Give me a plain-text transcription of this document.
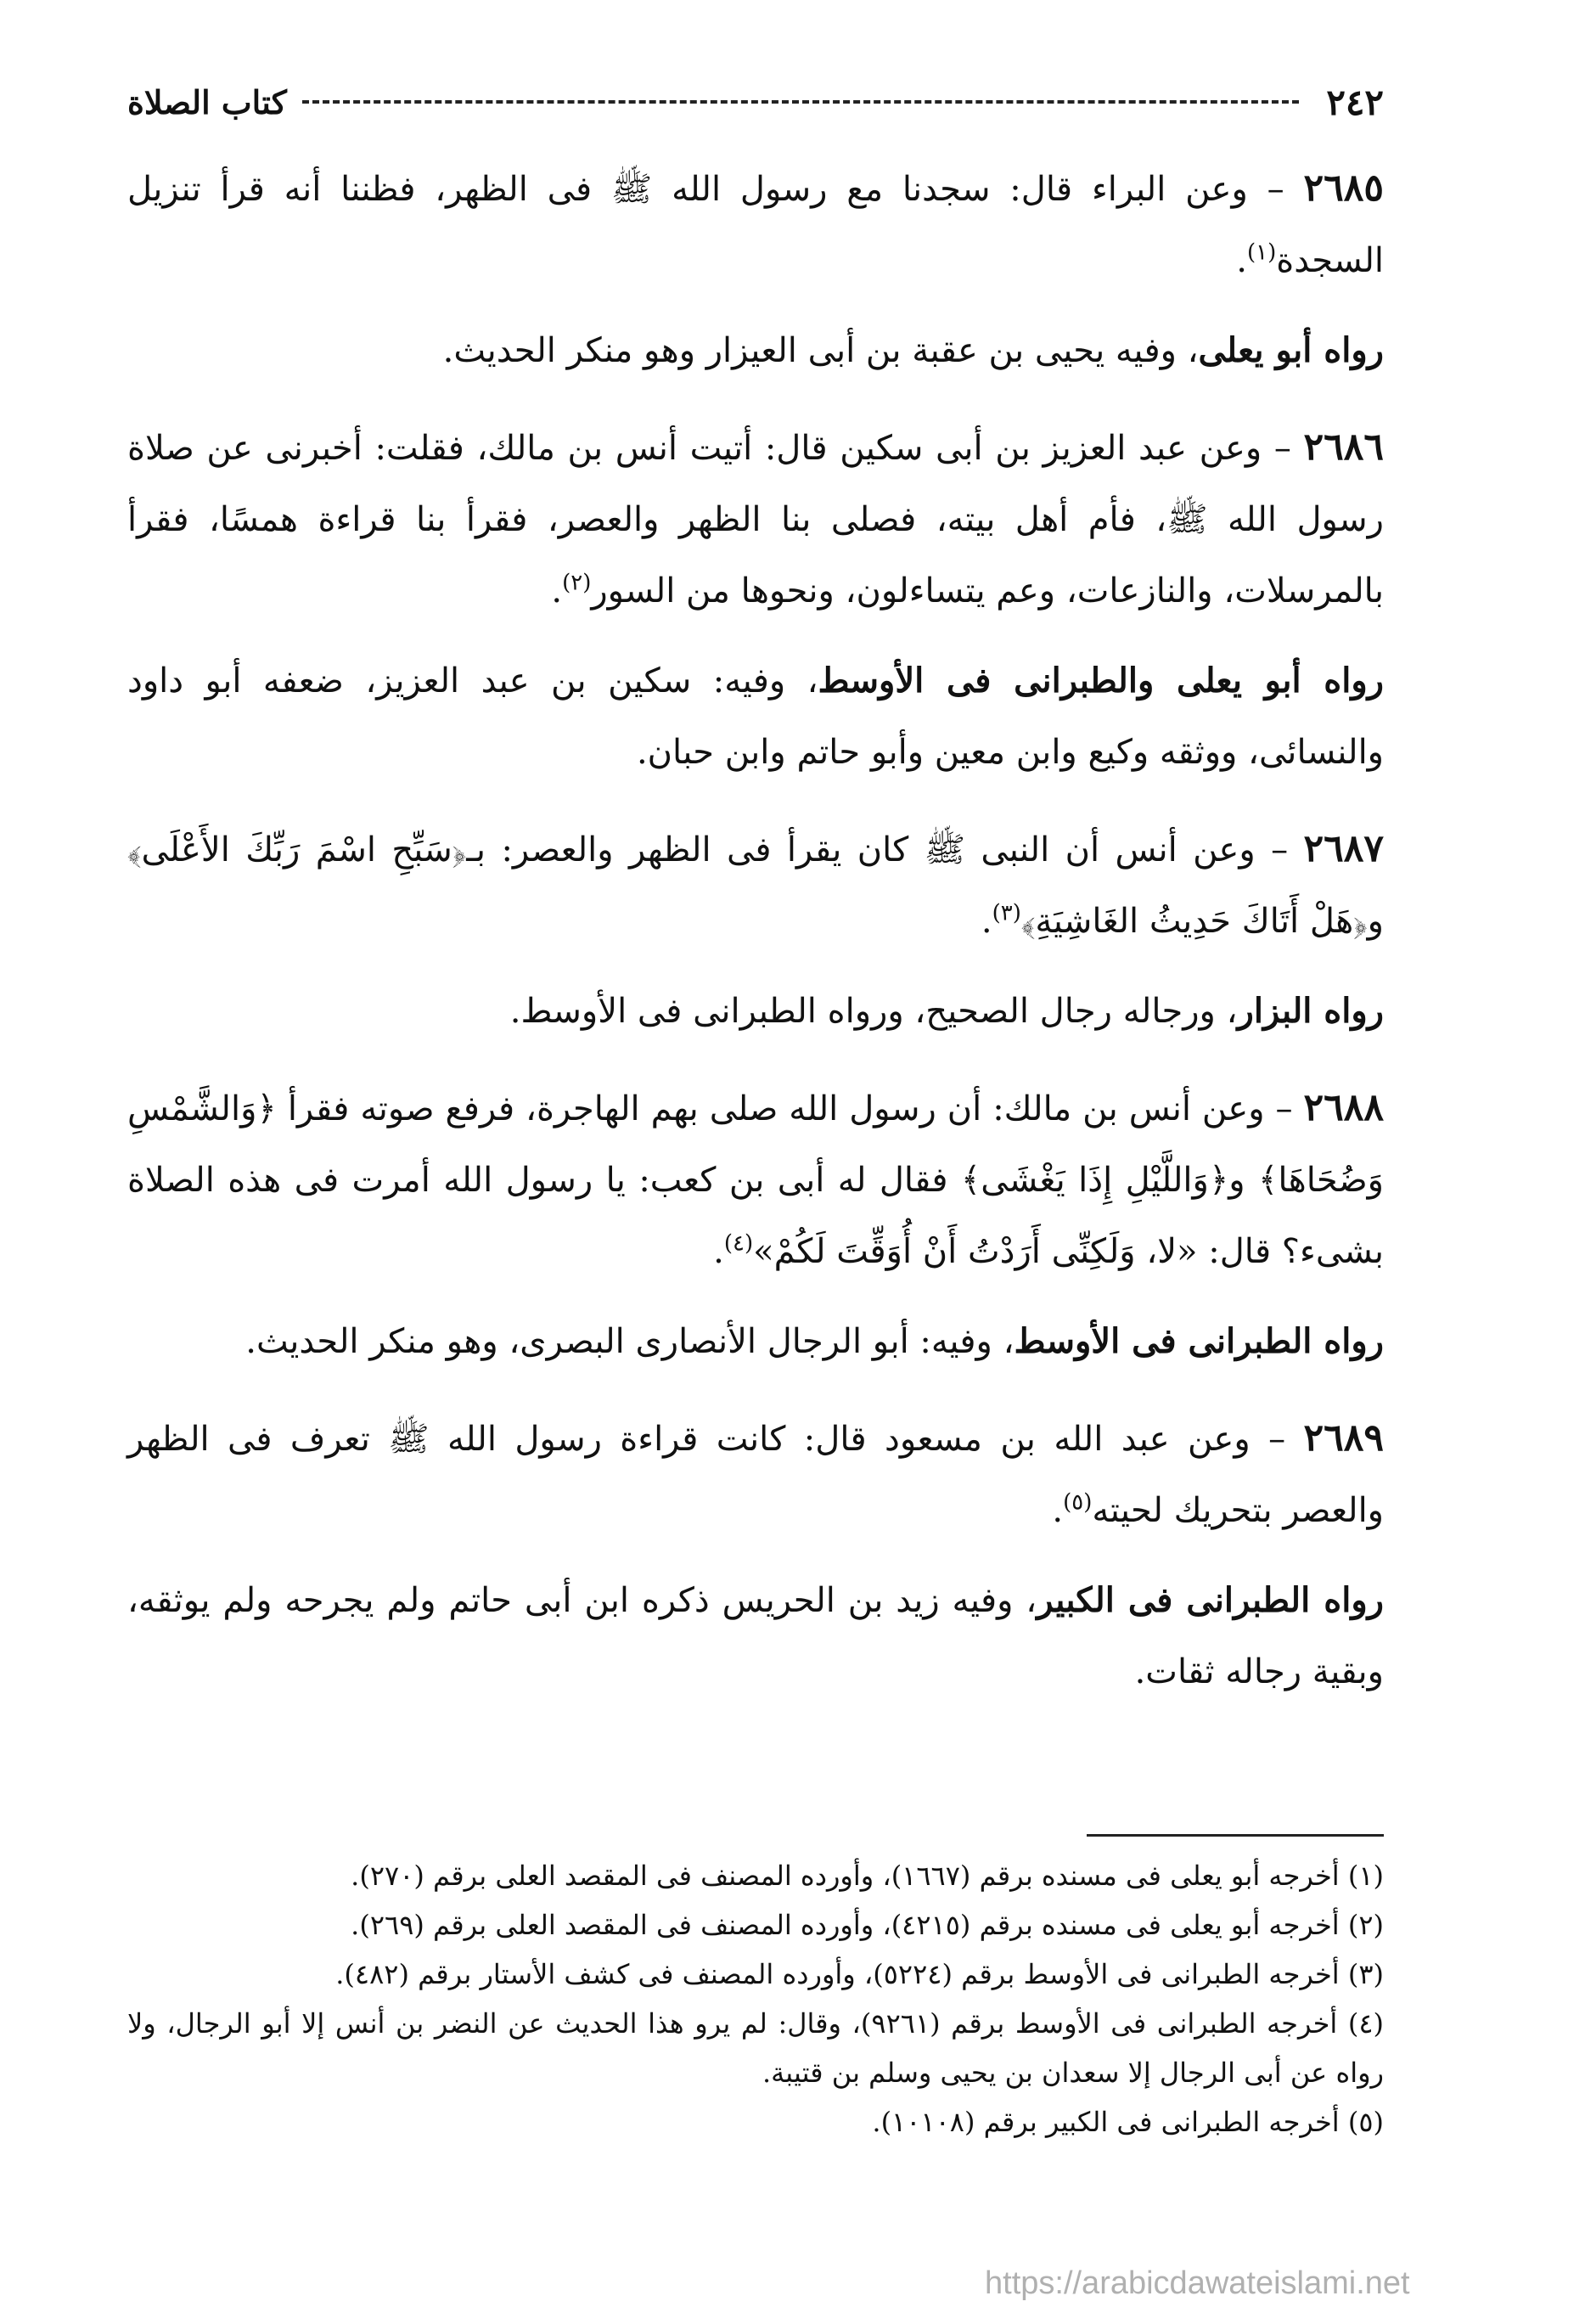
٢٤٢
كتاب الصلاة

٢٦٨٥ – وعن البراء قال: سجدنا مع رسول الله ﷺ فى الظهر، فظننا أنه قرأ تنزيل السجدة$^{(١)}$.

رواه أبو يعلى، وفيه يحيى بن عقبة بن أبى العيزار وهو منكر الحديث.

٢٦٨٦ – وعن عبد العزيز بن أبى سكين قال: أتيت أنس بن مالك، فقلت: أخبرنى عن صلاة رسول الله ﷺ، فأم أهل بيته، فصلى بنا الظهر والعصر، فقرأ بنا قراءة همسًا، فقرأ بالمرسلات، والنازعات، وعم يتساءلون، ونحوها من السور$^{(٢)}$.

رواه أبو يعلى والطبرانى فى الأوسط، وفيه: سكين بن عبد العزيز، ضعفه أبو داود والنسائى، ووثقه وكيع وابن معين وأبو حاتم وابن حبان.

٢٦٨٧ – وعن أنس أن النبى ﷺ كان يقرأ فى الظهر والعصر: بـ﴿سَبِّحِ اسْمَ رَبِّكَ الأَعْلَى﴾ و﴿هَلْ أَتَاكَ حَدِيثُ الغَاشِيَةِ﴾$^{(٣)}$.

رواه البزار، ورجاله رجال الصحيح، ورواه الطبرانى فى الأوسط.

٢٦٨٨ – وعن أنس بن مالك: أن رسول الله صلى بهم الهاجرة، فرفع صوته فقرأ ﴿وَالشَّمْسِ وَضُحَاهَا﴾ و﴿وَاللَّيْلِ إِذَا يَغْشَى﴾ فقال له أبى بن كعب: يا رسول الله أمرت فى هذه الصلاة بشىء؟ قال: «لا، وَلَكِنِّى أَرَدْتُ أَنْ أُوَقِّتَ لَكُمْ»$^{(٤)}$.

رواه الطبرانى فى الأوسط، وفيه: أبو الرجال الأنصارى البصرى، وهو منكر الحديث.

٢٦٨٩ – وعن عبد الله بن مسعود قال: كانت قراءة رسول الله ﷺ تعرف فى الظهر والعصر بتحريك لحيته$^{(٥)}$.

رواه الطبرانى فى الكبير، وفيه زيد بن الحريس ذكره ابن أبى حاتم ولم يجرحه ولم يوثقه، وبقية رجاله ثقات.

(١) أخرجه أبو يعلى فى مسنده برقم (١٦٦٧)، وأورده المصنف فى المقصد العلى برقم (٢٧٠).

(٢) أخرجه أبو يعلى فى مسنده برقم (٤٢١٥)، وأورده المصنف فى المقصد العلى برقم (٢٦٩).

(٣) أخرجه الطبرانى فى الأوسط برقم (٥٢٢٤)، وأورده المصنف فى كشف الأستار برقم (٤٨٢).

(٤) أخرجه الطبرانى فى الأوسط برقم (٩٢٦١)، وقال: لم يرو هذا الحديث عن النضر بن أنس إلا أبو الرجال، ولا رواه عن أبى الرجال إلا سعدان بن يحيى وسلم بن قتيبة.

(٥) أخرجه الطبرانى فى الكبير برقم (١٠١٠٨).

https://arabicdawateislami.net
